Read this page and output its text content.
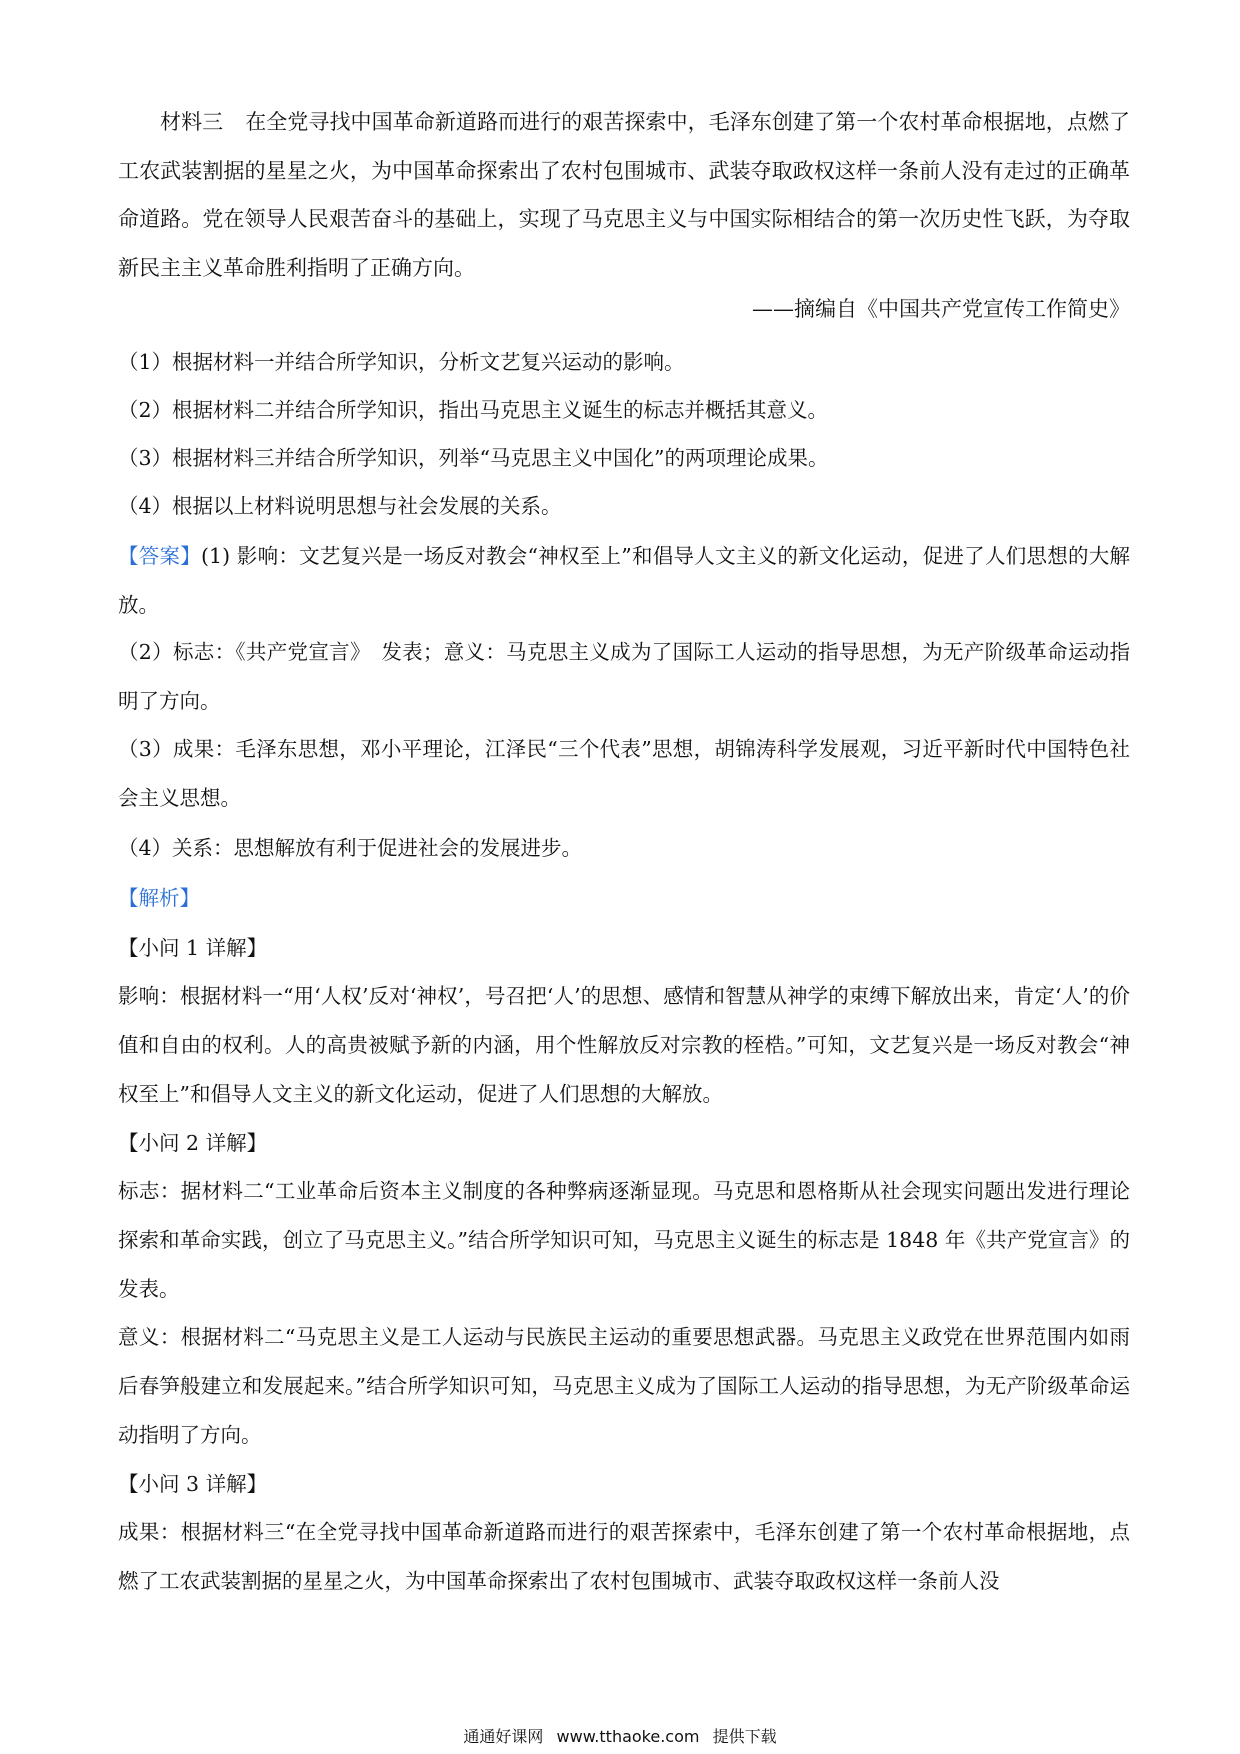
材料三 在全党寻找中国革命新道路而进行的艰苦探索中，毛泽东创建了第一个农村革命根据地，点燃了工农武装割据的星星之火，为中国革命探索出了农村包围城市、武装夺取政权这样一条前人没有走过的正确革命道路。党在领导人民艰苦奋斗的基础上，实现了马克思主义与中国实际相结合的第一次历史性飞跃，为夺取新民主主义革命胜利指明了正确方向。
——摘编自《中国共产党宣传工作简史》
（1）根据材料一并结合所学知识，分析文艺复兴运动的影响。
（2）根据材料二并结合所学知识，指出马克思主义诞生的标志并概括其意义。
（3）根据材料三并结合所学知识，列举“马克思主义中国化”的两项理论成果。
（4）根据以上材料说明思想与社会发展的关系。
【答案】(1) 影响：文艺复兴是一场反对教会“神权至上”和倡导人文主义的新文化运动，促进了人们思想的大解放。
（2）标志：《共产党宣言》　发表；意义：马克思主义成为了国际工人运动的指导思想，为无产阶级革命运动指明了方向。
（3）成果：毛泽东思想，邓小平理论，江泽民“三个代表”思想，胡锦涛科学发展观，习近平新时代中国特色社会主义思想。
（4）关系：思想解放有利于促进社会的发展进步。
【解析】
【小问 1 详解】
影响：根据材料一“用‘人权’反对‘神权’，号召把‘人’的思想、感情和智慧从神学的束缚下解放出来，肯定‘人’的价值和自由的权利。人的高贵被赋予新的内涵，用个性解放反对宗教的桎梏。”可知，文艺复兴是一场反对教会“神权至上”和倡导人文主义的新文化运动，促进了人们思想的大解放。
【小问 2 详解】
标志：据材料二“工业革命后资本主义制度的各种弊病逐渐显现。马克思和恩格斯从社会现实问题出发进行理论探索和革命实践，创立了马克思主义。”结合所学知识可知，马克思主义诞生的标志是 1848 年《共产党宣言》的发表。
意义：根据材料二“马克思主义是工人运动与民族民主运动的重要思想武器。马克思主义政党在世界范围内如雨后春笋般建立和发展起来。”结合所学知识可知，马克思主义成为了国际工人运动的指导思想，为无产阶级革命运动指明了方向。
【小问 3 详解】
成果：根据材料三“在全党寻找中国革命新道路而进行的艰苦探索中，毛泽东创建了第一个农村革命根据地，点燃了工农武装割据的星星之火，为中国革命探索出了农村包围城市、武装夺取政权这样一条前人没
通通好课网 www.tthaoke.com 提供下载
